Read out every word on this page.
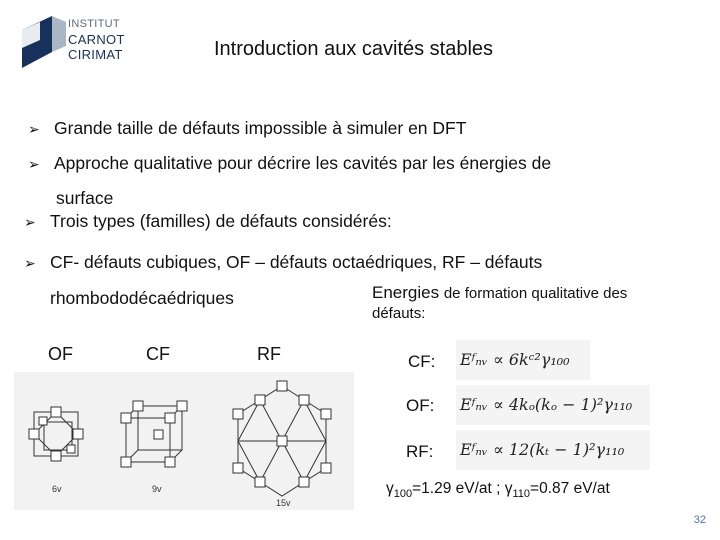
INSTITUT
CARNOT
CIRIMAT	Introduction aux cavités stables
➢ Grande taille de défauts impossible à simuler en DFT
➢ Approche qualitative pour décrire les cavités par les énergies de
surface
➢ Trois types (familles) de défauts considérés:
➢ CF- défauts cubiques, OF – défauts octaédriques, RF – défauts
rhombododécaédriques	Energies de formation qualitative des
défauts:
OF	CF	RF
6v	9v
15v
CF: Eᶠₙᵥ ∝ 6kᶜ²γ₁₀₀
OF: Eᶠₙᵥ ∝ 4kₒ(kₒ − 1)²γ₁₁₀
RF: Eᶠₙᵥ ∝ 12(kₜ − 1)²γ₁₁₀
$\gamma_{100}=1.29$ eV/at ; $\gamma_{110}=0.87$ eV/at
32
